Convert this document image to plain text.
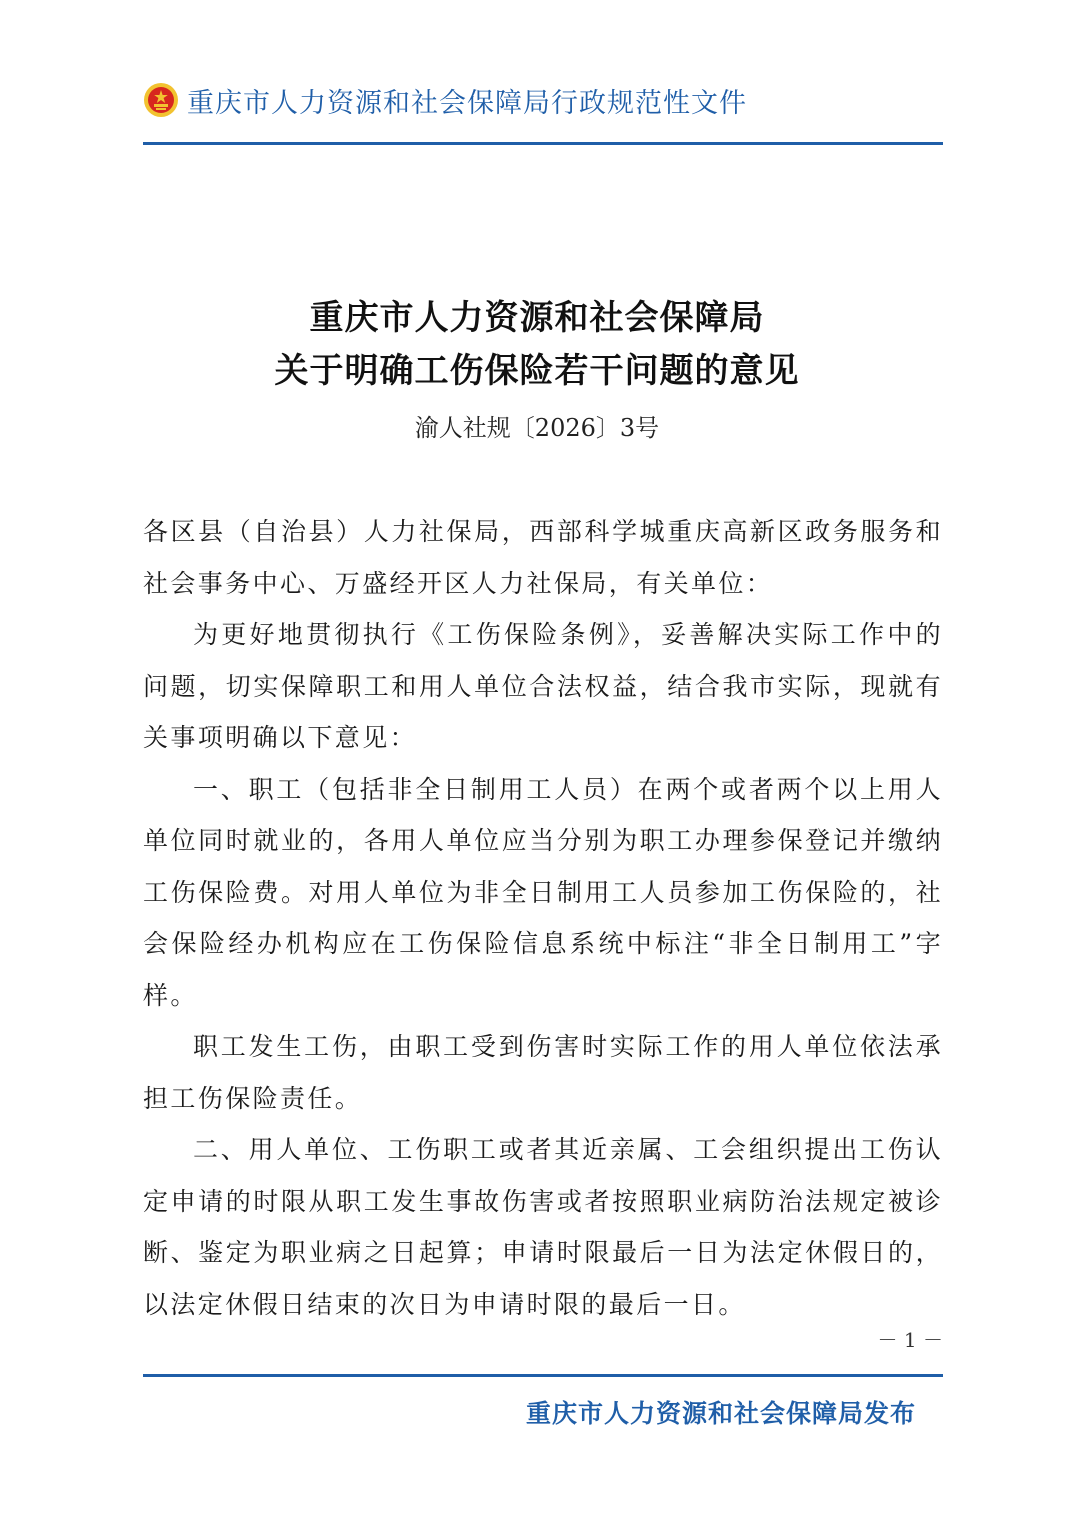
重庆市人力资源和社会保障局行政规范性文件
重庆市人力资源和社会保障局
关于明确工伤保险若干问题的意见
渝人社规〔2026〕3号

各区县（自治县）人力社保局，西部科学城重庆高新区政务服务和社会事务中心、万盛经开区人力社保局，有关单位：

为更好地贯彻执行《工伤保险条例》，妥善解决实际工作中的问题，切实保障职工和用人单位合法权益，结合我市实际，现就有关事项明确以下意见：

一、职工（包括非全日制用工人员）在两个或者两个以上用人单位同时就业的，各用人单位应当分别为职工办理参保登记并缴纳工伤保险费。对用人单位为非全日制用工人员参加工伤保险的，社会保险经办机构应在工伤保险信息系统中标注“非全日制用工”字样。

职工发生工伤，由职工受到伤害时实际工作的用人单位依法承担工伤保险责任。

二、用人单位、工伤职工或者其近亲属、工会组织提出工伤认定申请的时限从职工发生事故伤害或者按照职业病防治法规定被诊断、鉴定为职业病之日起算；申请时限最后一日为法定休假日的，以法定休假日结束的次日为申请时限的最后一日。

－ 1 －
重庆市人力资源和社会保障局发布
